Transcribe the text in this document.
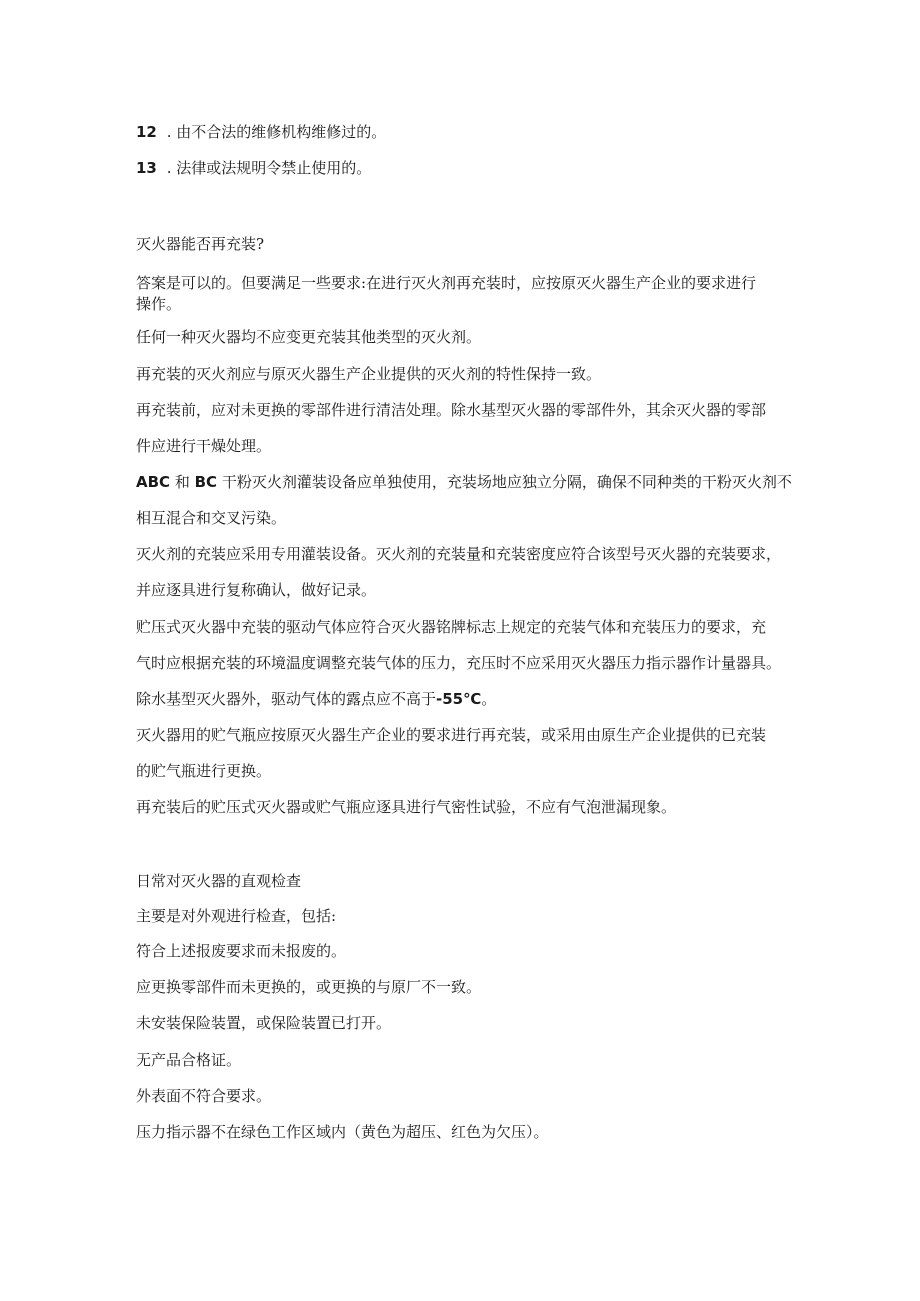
12 . 由不合法的维修机构维修过的。
13 . 法律或法规明令禁止使用的。
灭火器能否再充装?
答案是可以的。但要满足一些要求:在进行灭火剂再充装时，应按原灭火器生产企业的要求进行
操作。
任何一种灭火器均不应变更充装其他类型的灭火剂。
再充装的灭火剂应与原灭火器生产企业提供的灭火剂的特性保持一致。
再充装前，应对未更换的零部件进行清洁处理。除水基型灭火器的零部件外，其余灭火器的零部
件应进行干燥处理。
ABC 和 BC 干粉灭火剂灌装设备应单独使用，充装场地应独立分隔，确保不同种类的干粉灭火剂不
相互混合和交叉污染。
灭火剂的充装应采用专用灌装设备。灭火剂的充装量和充装密度应符合该型号灭火器的充装要求，
并应逐具进行复称确认，做好记录。
贮压式灭火器中充装的驱动气体应符合灭火器铭牌标志上规定的充装气体和充装压力的要求，充
气时应根据充装的环境温度调整充装气体的压力，充压时不应采用灭火器压力指示器作计量器具。
除水基型灭火器外，驱动气体的露点应不高于-55℃。
灭火器用的贮气瓶应按原灭火器生产企业的要求进行再充装，或采用由原生产企业提供的已充装
的贮气瓶进行更换。
再充装后的贮压式灭火器或贮气瓶应逐具进行气密性试验，不应有气泡泄漏现象。
日常对灭火器的直观检查
主要是对外观进行检查，包括:
符合上述报废要求而未报废的。
应更换零部件而未更换的，或更换的与原厂不一致。
未安装保险装置，或保险装置已打开。
无产品合格证。
外表面不符合要求。
压力指示器不在绿色工作区域内（黄色为超压、红色为欠压）。
